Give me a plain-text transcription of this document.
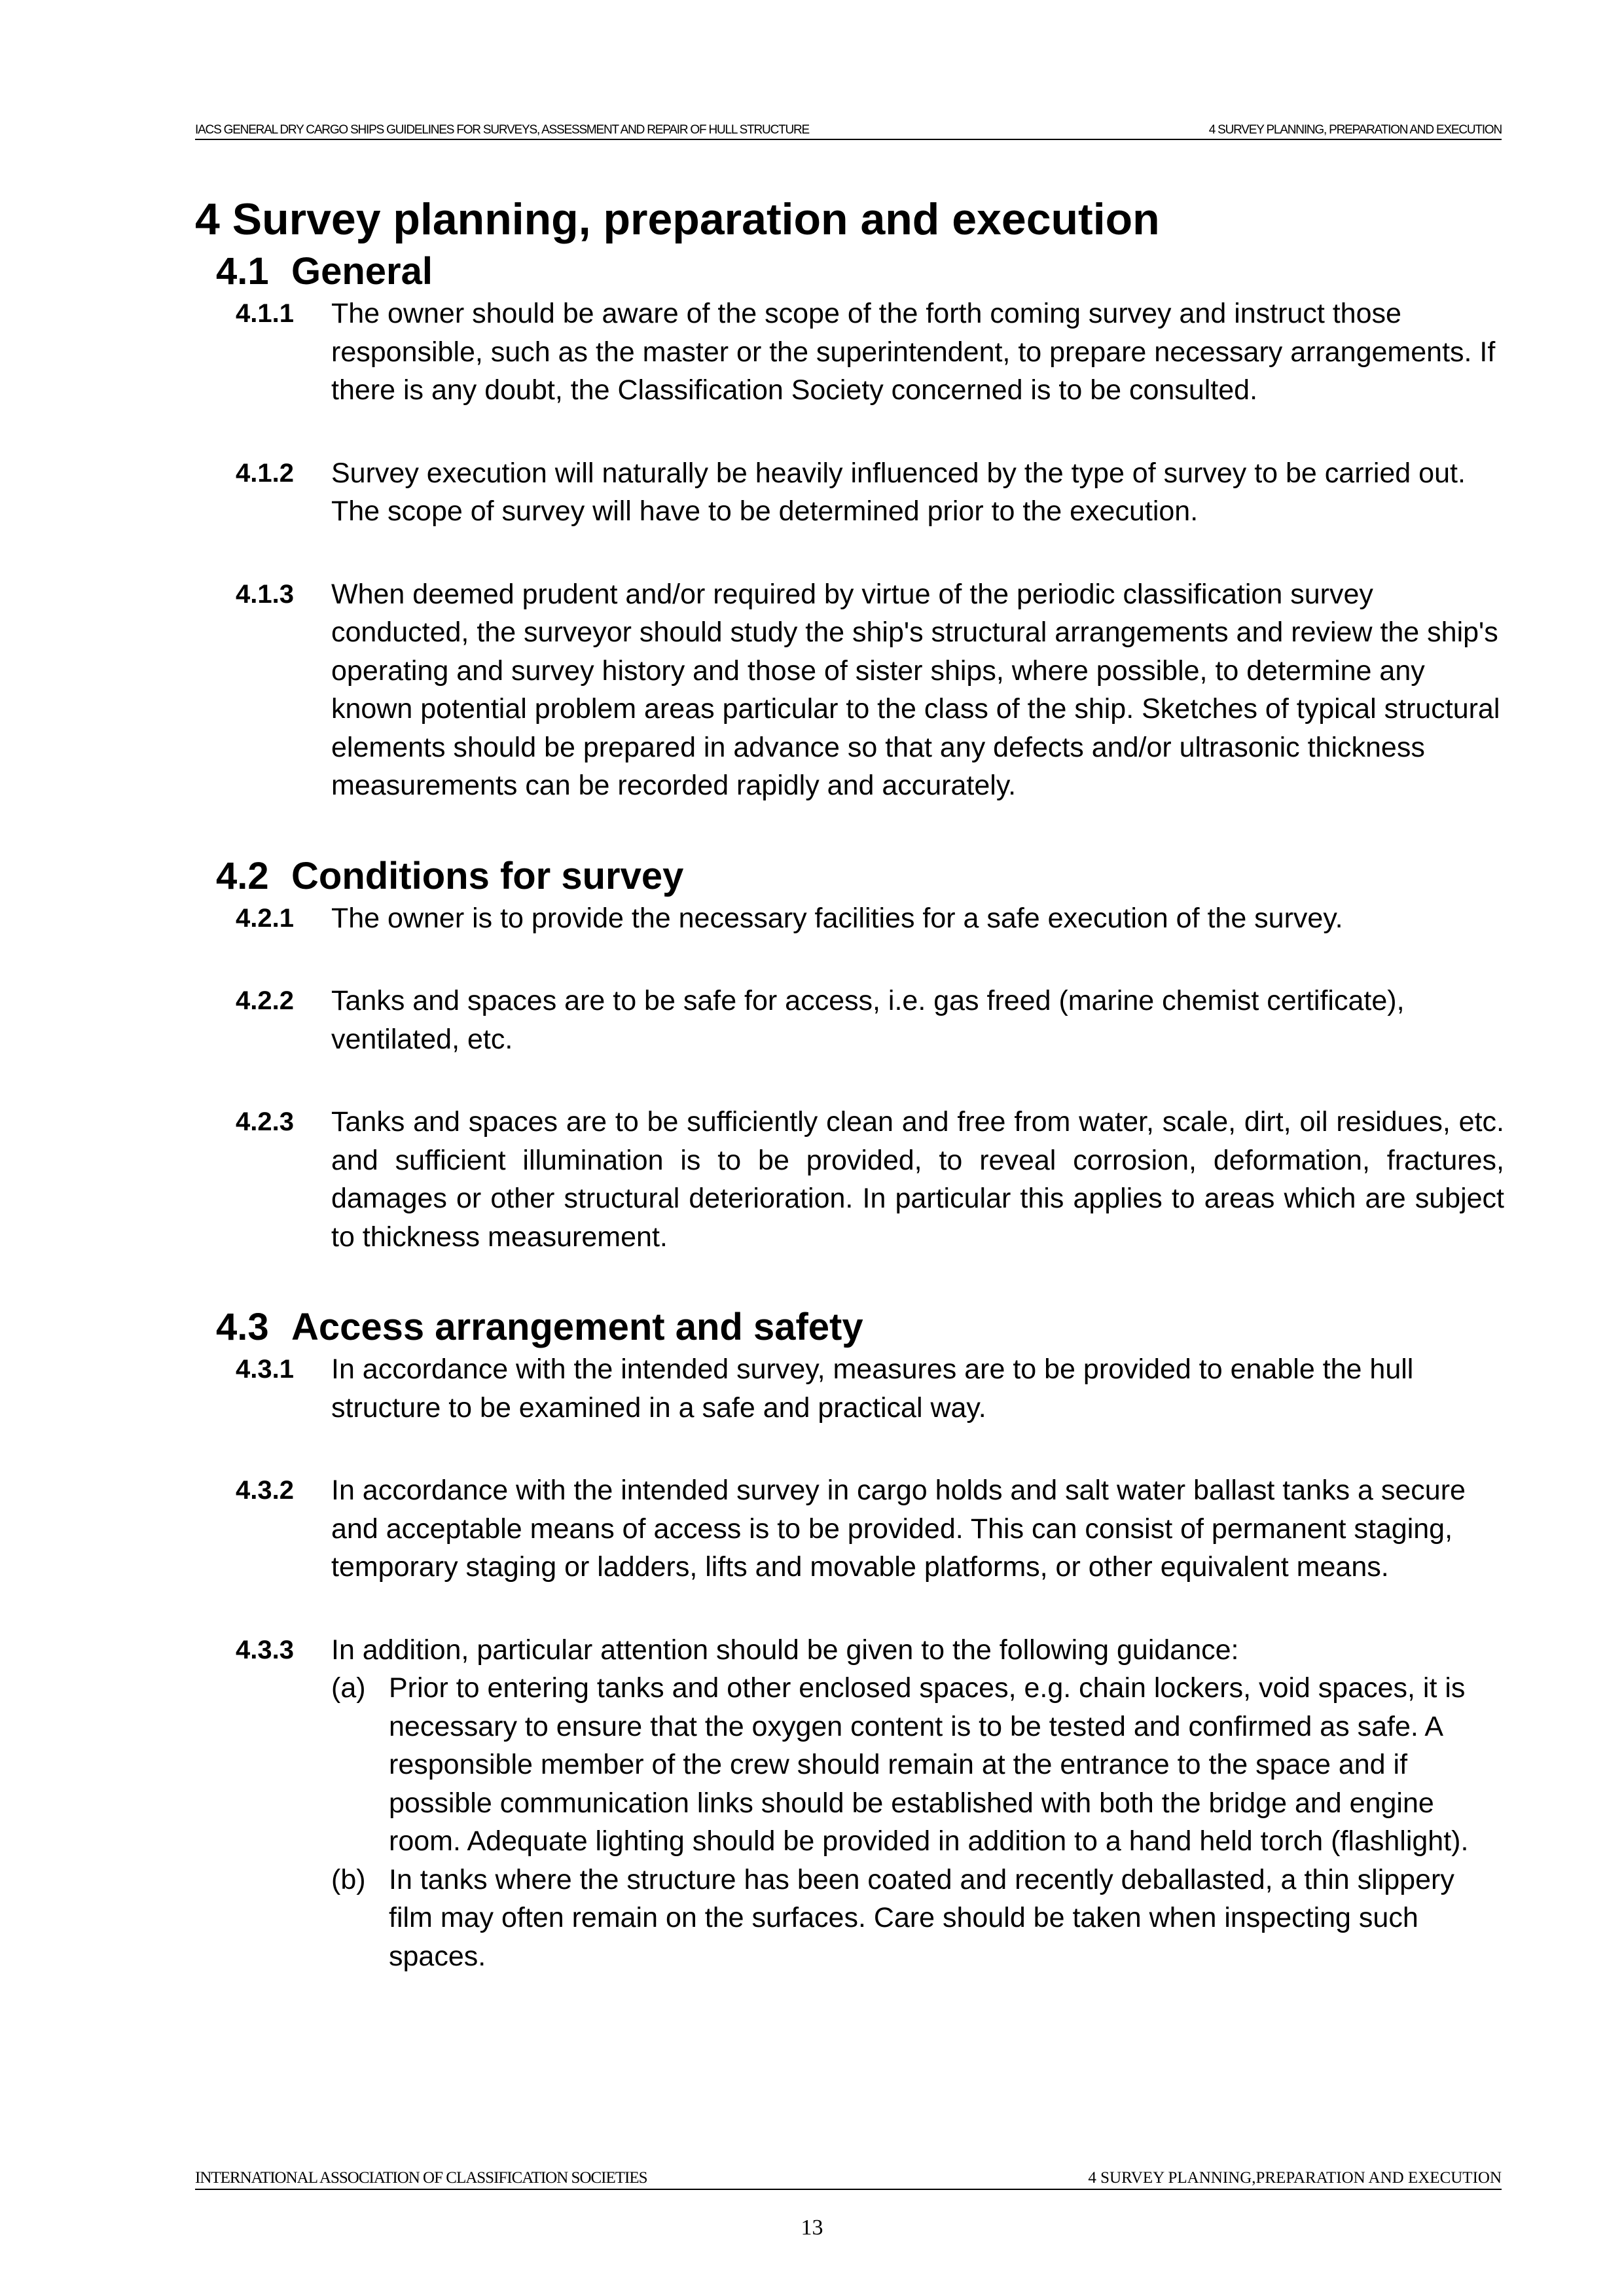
IACS GENERAL DRY CARGO SHIPS GUIDELINES FOR SURVEYS, ASSESSMENT AND REPAIR OF HULL STRUCTURE	4 SURVEY PLANNING, PREPARATION AND EXECUTION
4 Survey planning, preparation and execution
4.1 General
4.1.1 The owner should be aware of the scope of the forth coming survey and instruct those responsible, such as the master or the superintendent, to prepare necessary arrangements. If there is any doubt, the Classification Society concerned is to be consulted.
4.1.2 Survey execution will naturally be heavily influenced by the type of survey to be carried out. The scope of survey will have to be determined prior to the execution.
4.1.3 When deemed prudent and/or required by virtue of the periodic classification survey conducted, the surveyor should study the ship's structural arrangements and review the ship's operating and survey history and those of sister ships, where possible, to determine any known potential problem areas particular to the class of the ship. Sketches of typical structural elements should be prepared in advance so that any defects and/or ultrasonic thickness measurements can be recorded rapidly and accurately.
4.2 Conditions for survey
4.2.1 The owner is to provide the necessary facilities for a safe execution of the survey.
4.2.2 Tanks and spaces are to be safe for access, i.e. gas freed (marine chemist certificate), ventilated, etc.
4.2.3 Tanks and spaces are to be sufficiently clean and free from water, scale, dirt, oil residues, etc. and sufficient illumination is to be provided, to reveal corrosion, deformation, fractures, damages or other structural deterioration. In particular this applies to areas which are subject to thickness measurement.
4.3 Access arrangement and safety
4.3.1 In accordance with the intended survey, measures are to be provided to enable the hull structure to be examined in a safe and practical way.
4.3.2 In accordance with the intended survey in cargo holds and salt water ballast tanks a secure and acceptable means of access is to be provided. This can consist of permanent staging, temporary staging or ladders, lifts and movable platforms, or other equivalent means.
4.3.3 In addition, particular attention should be given to the following guidance:
(a) Prior to entering tanks and other enclosed spaces, e.g. chain lockers, void spaces, it is necessary to ensure that the oxygen content is to be tested and confirmed as safe. A responsible member of the crew should remain at the entrance to the space and if possible communication links should be established with both the bridge and engine room. Adequate lighting should be provided in addition to a hand held torch (flashlight).
(b) In tanks where the structure has been coated and recently deballasted, a thin slippery film may often remain on the surfaces. Care should be taken when inspecting such spaces.
INTERNATIONAL ASSOCIATION OF CLASSIFICATION SOCIETIES	4 SURVEY PLANNING,PREPARATION AND EXECUTION
13
